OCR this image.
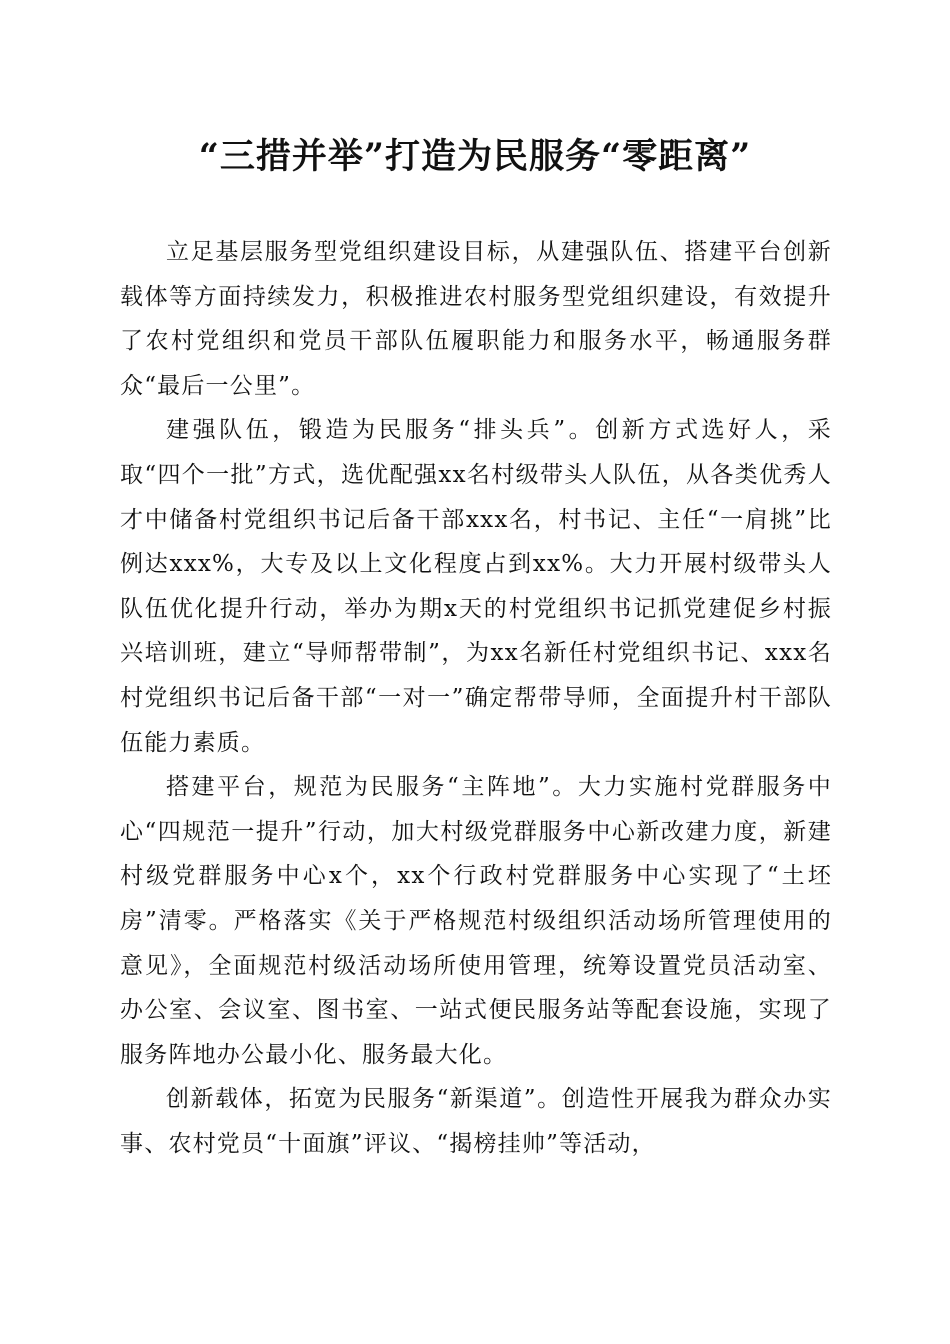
“三措并举”打造为民服务“零距离”

立足基层服务型党组织建设目标，从建强队伍、搭建平台创新载体等方面持续发力，积极推进农村服务型党组织建设，有效提升了农村党组织和党员干部队伍履职能力和服务水平，畅通服务群众“最后一公里”。

建强队伍，锻造为民服务“排头兵”。创新方式选好人，采取“四个一批”方式，选优配强xx名村级带头人队伍，从各类优秀人才中储备村党组织书记后备干部xxx名，村书记、主任“一肩挑”比例达xxx%，大专及以上文化程度占到xx%。大力开展村级带头人队伍优化提升行动，举办为期x天的村党组织书记抓党建促乡村振兴培训班，建立“导师帮带制”，为xx名新任村党组织书记、xxx名村党组织书记后备干部“一对一”确定帮带导师，全面提升村干部队伍能力素质。

搭建平台，规范为民服务“主阵地”。大力实施村党群服务中心“四规范一提升”行动，加大村级党群服务中心新改建力度，新建村级党群服务中心x个，xx个行政村党群服务中心实现了“土坯房”清零。严格落实《关于严格规范村级组织活动场所管理使用的意见》，全面规范村级活动场所使用管理，统筹设置党员活动室、办公室、会议室、图书室、一站式便民服务站等配套设施，实现了服务阵地办公最小化、服务最大化。

创新载体，拓宽为民服务“新渠道”。创造性开展我为群众办实事、农村党员“十面旗”评议、“揭榜挂帅”等活动，
